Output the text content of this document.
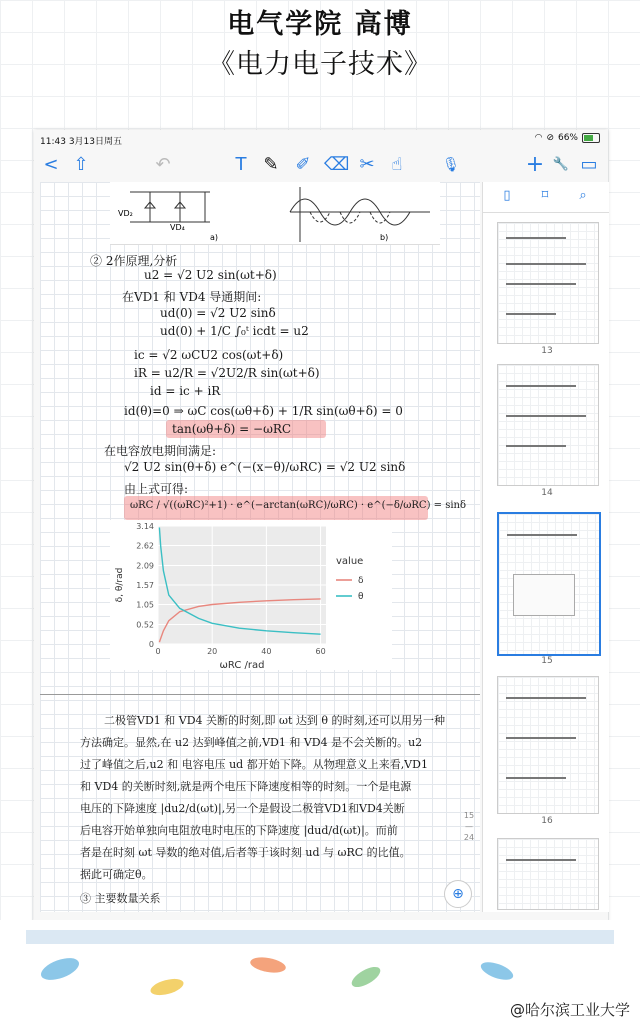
电气学院 高博
《电力电子技术》
11:43 3月13日周五	◠ ⊘ 66%
< ⇧	↶	T ✎ ✐ ⌫ ✂ ☝	🎙	+ 🔧 ▭
VD₂
VD₄
a)	b)
② 2作原理,分析
u2 = √2 U2 sin(ωt+δ)
在VD1 和 VD4 导通期间:
ud(0) = √2 U2 sinδ
ud(0) + 1/C ∫₀ᵗ icdt = u2
ic = √2 ωCU2 cos(ωt+δ)
iR = u2/R = √2U2/R sin(ωt+δ)
id = ic + iR
id(θ)=0 ⇒ ωC cos(ωθ+δ) + 1/R sin(ωθ+δ) = 0
tan(ωθ+δ) = −ωRC
在电容放电期间满足:
√2 U2 sin(θ+δ) e^(−(x−θ)/ωRC) = √2 U2 sinδ
由上式可得:
ωRC / √((ωRC)²+1) · e^(−arctan(ωRC)/ωRC) · e^(−δ/ωRC) = sinδ
0
0.52
1.05
1.57
2.09
2.62
3.14
0	20	40	60
ωRC /rad
δ, θ/rad
value
δ
θ
二极管VD1 和 VD4 关断的时刻,即 ωt 达到 θ 的时刻,还可以用另一种
方法确定。显然,在 u2 达到峰值之前,VD1 和 VD4 是不会关断的。u2
过了峰值之后,u2 和 电容电压 ud 都开始下降。从物理意义上来看,VD1
和 VD4 的关断时刻,就是两个电压下降速度相等的时刻。一个是电源
电压的下降速度 |du2/d(ωt)|,另一个是假设二极管VD1和VD4关断
后电容开始单独向电阻放电时电压的下降速度 |dud/d(ωt)|。而前
者是在时刻 ωt 导数的绝对值,后者等于该时刻 ud 与 ωRC 的比值。
据此可确定θ。
③ 主要数量关系
15
—
24
⊕
▯	⌑	⌕
13
14
15
16
@哈尔滨工业大学
